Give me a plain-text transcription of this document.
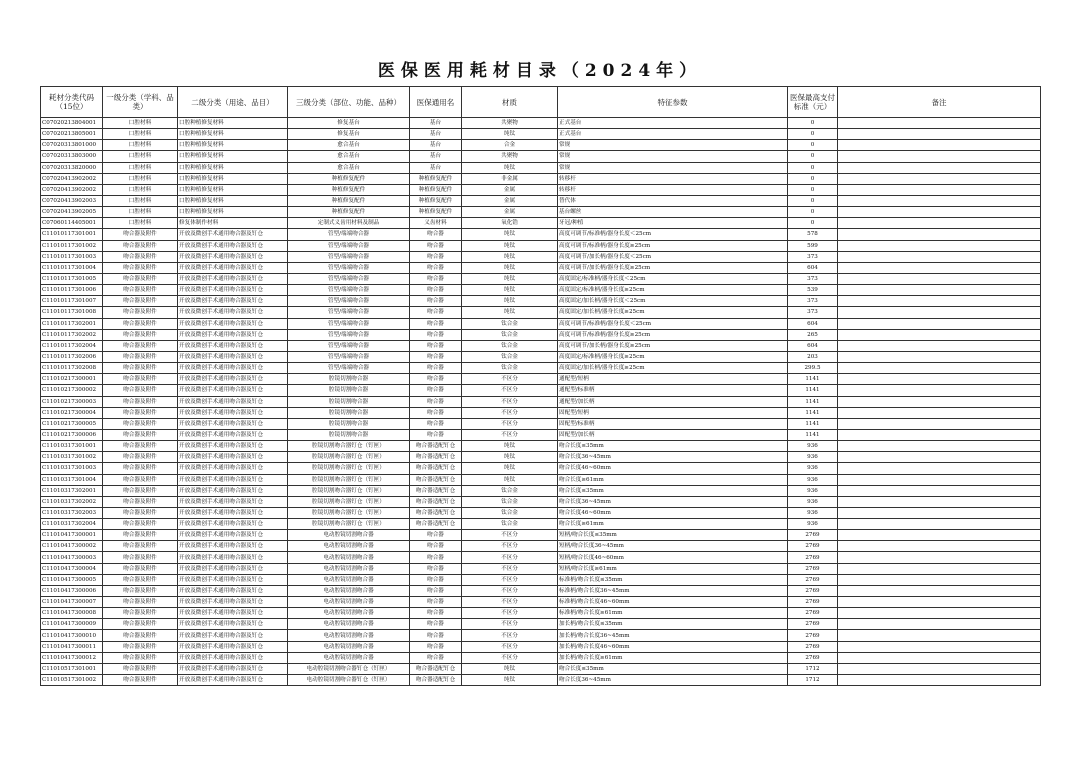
医保医用耗材目录（2024年）
耗材分类代码（15位）	一级分类（学科、品类）	二级分类（用途、品目）	三级分类（部位、功能、品种）	医保通用名	材质	特征参数	医保最高支付标准（元）	备注
C07020213804001	口腔材料	口腔种植修复材料	修复基台	基台	共聚物	正式基台	0	
C07020213805001	口腔材料	口腔种植修复材料	修复基台	基台	纯钛	正式基台	0	
C07020313801000	口腔材料	口腔种植修复材料	愈合基台	基台	合金	常规	0	
C07020313803000	口腔材料	口腔种植修复材料	愈合基台	基台	共聚物	常规	0	
C07020313820000	口腔材料	口腔种植修复材料	愈合基台	基台	纯钛	常规	0	
C07020413902002	口腔材料	口腔种植修复材料	种植修复配件	种植修复配件	非金属	转移杆	0	
C07020413902002	口腔材料	口腔种植修复材料	种植修复配件	种植修复配件	金属	转移杆	0	
C07020413902003	口腔材料	口腔种植修复材料	种植修复配件	种植修复配件	金属	替代体	0	
C07020413902005	口腔材料	口腔种植修复材料	种植修复配件	种植修复配件	金属	基台螺丝	0	
C07060114405001	口腔材料	修复体制作材料	定制式义齿用材料及制品	义齿材料	氧化锆	牙冠/种植	0	
C11010117301001	吻合器及附件	开放及微创手术通用吻合器及钉仓	管型/端端吻合器	吻合器	纯钛	高度可调节/标准柄/器身长度＜25cm	578	
C11010117301002	吻合器及附件	开放及微创手术通用吻合器及钉仓	管型/端端吻合器	吻合器	纯钛	高度可调节/标准柄/器身长度≥25cm	599	
C11010117301003	吻合器及附件	开放及微创手术通用吻合器及钉仓	管型/端端吻合器	吻合器	纯钛	高度可调节/加长柄/器身长度＜25cm	373	
C11010117301004	吻合器及附件	开放及微创手术通用吻合器及钉仓	管型/端端吻合器	吻合器	纯钛	高度可调节/加长柄/器身长度≥25cm	604	
C11010117301005	吻合器及附件	开放及微创手术通用吻合器及钉仓	管型/端端吻合器	吻合器	纯钛	高度固定/标准柄/器身长度＜25cm	373	
C11010117301006	吻合器及附件	开放及微创手术通用吻合器及钉仓	管型/端端吻合器	吻合器	纯钛	高度固定/标准柄/器身长度≥25cm	539	
C11010117301007	吻合器及附件	开放及微创手术通用吻合器及钉仓	管型/端端吻合器	吻合器	纯钛	高度固定/加长柄/器身长度＜25cm	373	
C11010117301008	吻合器及附件	开放及微创手术通用吻合器及钉仓	管型/端端吻合器	吻合器	纯钛	高度固定/加长柄/器身长度≥25cm	373	
C11010117302001	吻合器及附件	开放及微创手术通用吻合器及钉仓	管型/端端吻合器	吻合器	钛合金	高度可调节/标准柄/器身长度＜25cm	604	
C11010117302002	吻合器及附件	开放及微创手术通用吻合器及钉仓	管型/端端吻合器	吻合器	钛合金	高度可调节/标准柄/器身长度≥25cm	265	
C11010117302004	吻合器及附件	开放及微创手术通用吻合器及钉仓	管型/端端吻合器	吻合器	钛合金	高度可调节/加长柄/器身长度≥25cm	604	
C11010117302006	吻合器及附件	开放及微创手术通用吻合器及钉仓	管型/端端吻合器	吻合器	钛合金	高度固定/标准柄/器身长度≥25cm	203	
C11010117302008	吻合器及附件	开放及微创手术通用吻合器及钉仓	管型/端端吻合器	吻合器	钛合金	高度固定/加长柄/器身长度≥25cm	299.5	
C11010217300001	吻合器及附件	开放及微创手术通用吻合器及钉仓	腔镜切割吻合器	吻合器	不区分	通配型/短柄	1141	
C11010217300002	吻合器及附件	开放及微创手术通用吻合器及钉仓	腔镜切割吻合器	吻合器	不区分	通配型/标准柄	1141	
C11010217300003	吻合器及附件	开放及微创手术通用吻合器及钉仓	腔镜切割吻合器	吻合器	不区分	通配型/加长柄	1141	
C11010217300004	吻合器及附件	开放及微创手术通用吻合器及钉仓	腔镜切割吻合器	吻合器	不区分	固配型/短柄	1141	
C11010217300005	吻合器及附件	开放及微创手术通用吻合器及钉仓	腔镜切割吻合器	吻合器	不区分	固配型/标准柄	1141	
C11010217300006	吻合器及附件	开放及微创手术通用吻合器及钉仓	腔镜切割吻合器	吻合器	不区分	固配型/加长柄	1141	
C11010317301001	吻合器及附件	开放及微创手术通用吻合器及钉仓	腔镜切割吻合器钉仓（钉匣）	吻合器适配钉仓	纯钛	吻合长度≤35mm	936	
C11010317301002	吻合器及附件	开放及微创手术通用吻合器及钉仓	腔镜切割吻合器钉仓（钉匣）	吻合器适配钉仓	纯钛	吻合长度36~45mm	936	
C11010317301003	吻合器及附件	开放及微创手术通用吻合器及钉仓	腔镜切割吻合器钉仓（钉匣）	吻合器适配钉仓	纯钛	吻合长度46~60mm	936	
C11010317301004	吻合器及附件	开放及微创手术通用吻合器及钉仓	腔镜切割吻合器钉仓（钉匣）	吻合器适配钉仓	纯钛	吻合长度≥61mm	936	
C11010317302001	吻合器及附件	开放及微创手术通用吻合器及钉仓	腔镜切割吻合器钉仓（钉匣）	吻合器适配钉仓	钛合金	吻合长度≤35mm	936	
C11010317302002	吻合器及附件	开放及微创手术通用吻合器及钉仓	腔镜切割吻合器钉仓（钉匣）	吻合器适配钉仓	钛合金	吻合长度36~45mm	936	
C11010317302003	吻合器及附件	开放及微创手术通用吻合器及钉仓	腔镜切割吻合器钉仓（钉匣）	吻合器适配钉仓	钛合金	吻合长度46~60mm	936	
C11010317302004	吻合器及附件	开放及微创手术通用吻合器及钉仓	腔镜切割吻合器钉仓（钉匣）	吻合器适配钉仓	钛合金	吻合长度≥61mm	936	
C11010417300001	吻合器及附件	开放及微创手术通用吻合器及钉仓	电动腔镜切割吻合器	吻合器	不区分	短柄/吻合长度≤35mm	2769	
C11010417300002	吻合器及附件	开放及微创手术通用吻合器及钉仓	电动腔镜切割吻合器	吻合器	不区分	短柄/吻合长度36~45mm	2769	
C11010417300003	吻合器及附件	开放及微创手术通用吻合器及钉仓	电动腔镜切割吻合器	吻合器	不区分	短柄/吻合长度46~60mm	2769	
C11010417300004	吻合器及附件	开放及微创手术通用吻合器及钉仓	电动腔镜切割吻合器	吻合器	不区分	短柄/吻合长度≥61mm	2769	
C11010417300005	吻合器及附件	开放及微创手术通用吻合器及钉仓	电动腔镜切割吻合器	吻合器	不区分	标准柄/吻合长度≤35mm	2769	
C11010417300006	吻合器及附件	开放及微创手术通用吻合器及钉仓	电动腔镜切割吻合器	吻合器	不区分	标准柄/吻合长度36~45mm	2769	
C11010417300007	吻合器及附件	开放及微创手术通用吻合器及钉仓	电动腔镜切割吻合器	吻合器	不区分	标准柄/吻合长度46~60mm	2769	
C11010417300008	吻合器及附件	开放及微创手术通用吻合器及钉仓	电动腔镜切割吻合器	吻合器	不区分	标准柄/吻合长度≥61mm	2769	
C11010417300009	吻合器及附件	开放及微创手术通用吻合器及钉仓	电动腔镜切割吻合器	吻合器	不区分	加长柄/吻合长度≤35mm	2769	
C11010417300010	吻合器及附件	开放及微创手术通用吻合器及钉仓	电动腔镜切割吻合器	吻合器	不区分	加长柄/吻合长度36~45mm	2769	
C11010417300011	吻合器及附件	开放及微创手术通用吻合器及钉仓	电动腔镜切割吻合器	吻合器	不区分	加长柄/吻合长度46~60mm	2769	
C11010417300012	吻合器及附件	开放及微创手术通用吻合器及钉仓	电动腔镜切割吻合器	吻合器	不区分	加长柄/吻合长度≥61mm	2769	
C11010517301001	吻合器及附件	开放及微创手术通用吻合器及钉仓	电动腔镜切割吻合器钉仓（钉匣）	吻合器适配钉仓	纯钛	吻合长度≤35mm	1712	
C11010517301002	吻合器及附件	开放及微创手术通用吻合器及钉仓	电动腔镜切割吻合器钉仓（钉匣）	吻合器适配钉仓	纯钛	吻合长度36~45mm	1712	
